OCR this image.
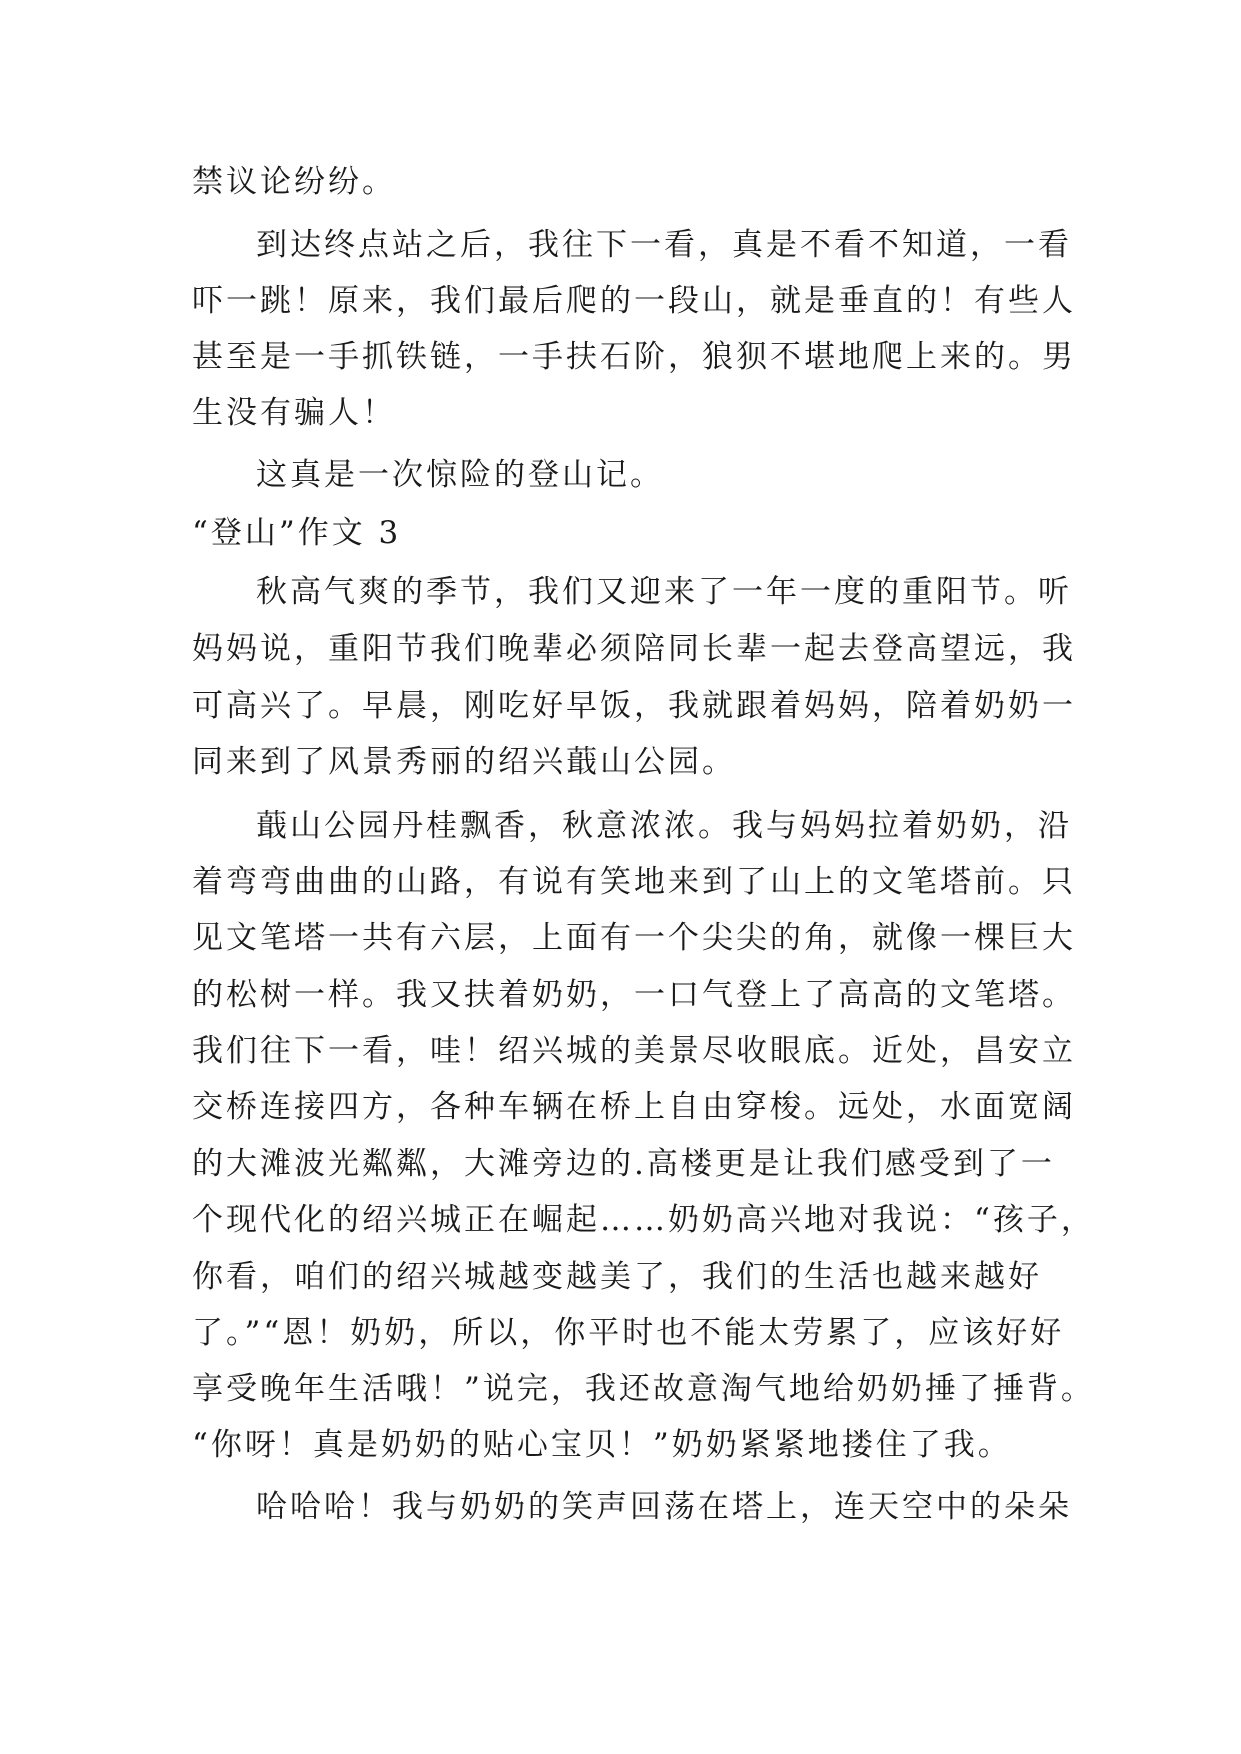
禁议论纷纷。

到达终点站之后，我往下一看，真是不看不知道，一看

吓一跳！原来，我们最后爬的一段山，就是垂直的！有些人

甚至是一手抓铁链，一手扶石阶，狼狈不堪地爬上来的。男

生没有骗人！

这真是一次惊险的登山记。

“登山”作文 3

秋高气爽的季节，我们又迎来了一年一度的重阳节。听

妈妈说，重阳节我们晚辈必须陪同长辈一起去登高望远，我

可高兴了。早晨，刚吃好早饭，我就跟着妈妈，陪着奶奶一

同来到了风景秀丽的绍兴蕺山公园。

蕺山公园丹桂飘香，秋意浓浓。我与妈妈拉着奶奶，沿

着弯弯曲曲的山路，有说有笑地来到了山上的文笔塔前。只

见文笔塔一共有六层，上面有一个尖尖的角，就像一棵巨大

的松树一样。我又扶着奶奶，一口气登上了高高的文笔塔。

我们往下一看，哇！绍兴城的美景尽收眼底。近处，昌安立

交桥连接四方，各种车辆在桥上自由穿梭。远处，水面宽阔

的大滩波光粼粼，大滩旁边的.高楼更是让我们感受到了一

个现代化的绍兴城正在崛起……奶奶高兴地对我说：“孩子，

你看，咱们的绍兴城越变越美了，我们的生活也越来越好

了。”“恩！奶奶，所以，你平时也不能太劳累了，应该好好

享受晚年生活哦！”说完，我还故意淘气地给奶奶捶了捶背。

“你呀！真是奶奶的贴心宝贝！”奶奶紧紧地搂住了我。

哈哈哈！我与奶奶的笑声回荡在塔上，连天空中的朵朵
